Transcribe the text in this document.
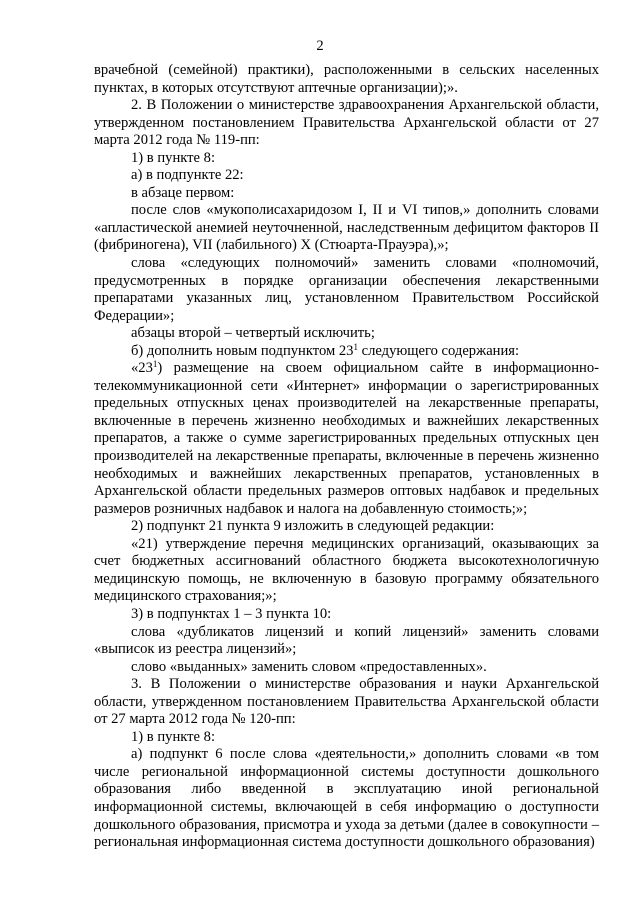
2

врачебной (семейной) практики), расположенными в сельских населенных пунктах, в которых отсутствуют аптечные организации);».

2. В Положении о министерстве здравоохранения Архангельской области, утвержденном постановлением Правительства Архангельской области от 27 марта 2012 года № 119-пп:

1) в пункте 8:

а) в подпункте 22:

в абзаце первом:

после слов «мукополисахаридозом I, II и VI типов,» дополнить словами «апластической анемией неуточненной, наследственным дефицитом факторов II (фибриногена), VII (лабильного) X (Стюарта-Прауэра),»;

слова «следующих полномочий» заменить словами «полномочий, предусмотренных в порядке организации обеспечения лекарственными препаратами указанных лиц, установленном Правительством Российской Федерации»;

абзацы второй – четвертый исключить;

б) дополнить новым подпунктом $23^1$ следующего содержания:

«$23^1$) размещение на своем официальном сайте в информационно-телекоммуникационной сети «Интернет» информации о зарегистрированных предельных отпускных ценах производителей на лекарственные препараты, включенные в перечень жизненно необходимых и важнейших лекарственных препаратов, а также о сумме зарегистрированных предельных отпускных цен производителей на лекарственные препараты, включенные в перечень жизненно необходимых и важнейших лекарственных препаратов, установленных в Архангельской области предельных размеров оптовых надбавок и предельных размеров розничных надбавок и налога на добавленную стоимость;»;

2) подпункт 21 пункта 9 изложить в следующей редакции:

«21) утверждение перечня медицинских организаций, оказывающих за счет бюджетных ассигнований областного бюджета высокотехнологичную медицинскую помощь, не включенную в базовую программу обязательного медицинского страхования;»;

3) в подпунктах 1 – 3 пункта 10:

слова «дубликатов лицензий и копий лицензий» заменить словами «выписок из реестра лицензий»;

слово «выданных» заменить словом «предоставленных».

3. В Положении о министерстве образования и науки Архангельской области, утвержденном постановлением Правительства Архангельской области от 27 марта 2012 года № 120-пп:

1) в пункте 8:

а) подпункт 6 после слова «деятельности,» дополнить словами «в том числе региональной информационной системы доступности дошкольного образования либо введенной в эксплуатацию иной региональной информационной системы, включающей в себя информацию о доступности дошкольного образования, присмотра и ухода за детьми (далее в совокупности – региональная информационная система доступности дошкольного образования)
